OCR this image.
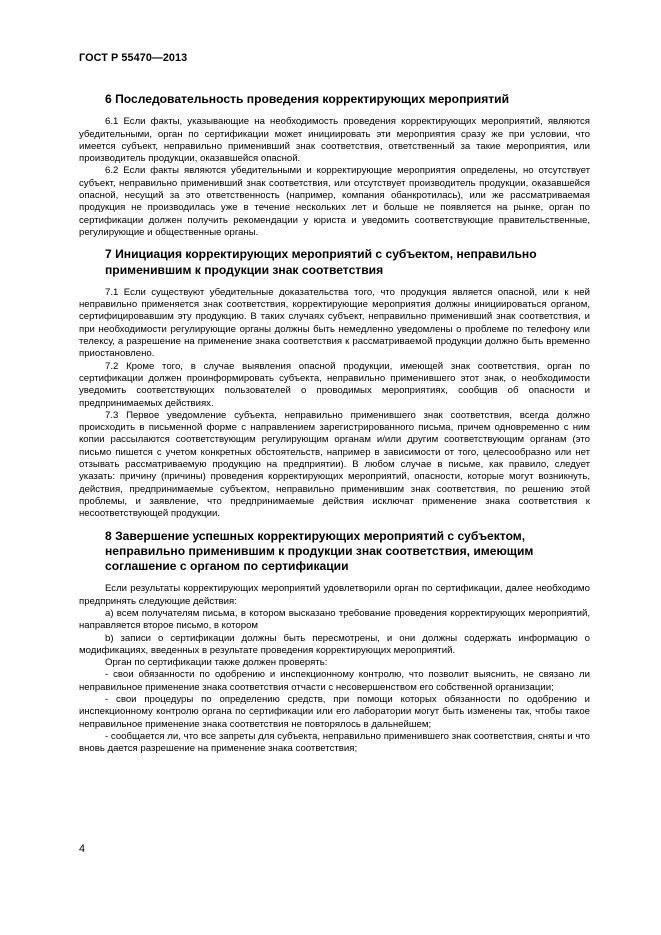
ГОСТ Р 55470—2013
6 Последовательность проведения корректирующих мероприятий

6.1 Если факты, указывающие на необходимость проведения корректирующих мероприятий, являются убедительными, орган по сертификации может инициировать эти мероприятия сразу же при условии, что имеется субъект, неправильно применивший знак соответствия, ответственный за такие мероприятия, или производитель продукции, оказавшейся опасной.

6.2 Если факты являются убедительными и корректирующие мероприятия определены, но отсутствует субъект, неправильно применивший знак соответствия, или отсутствует производитель продукции, оказавшейся опасной, несущий за это ответственность (например, компания обанкротилась), или же рассматриваемая продукция не производилась уже в течение нескольких лет и больше не появляется на рынке, орган по сертификации должен получить рекомендации у юриста и уведомить соответствующие правительственные, регулирующие и общественные органы.

7 Инициация корректирующих мероприятий с субъектом, неправильно применившим к продукции знак соответствия

7.1 Если существуют убедительные доказательства того, что продукция является опасной, или к ней неправильно применяется знак соответствия, корректирующие мероприятия должны инициироваться органом, сертифицировавшим эту продукцию. В таких случаях субъект, неправильно применивший знак соответствия, и при необходимости регулирующие органы должны быть немедленно уведомлены о проблеме по телефону или телексу, а разрешение на применение знака соответствия к рассматриваемой продукции должно быть временно приостановлено.

7.2 Кроме того, в случае выявления опасной продукции, имеющей знак соответствия, орган по сертификации должен проинформировать субъекта, неправильно применившего этот знак, о необходимости уведомить соответствующих пользователей о проводимых мероприятиях, сообщив об опасности и предпринимаемых действиях.

7.3 Первое уведомление субъекта, неправильно применившего знак соответствия, всегда должно происходить в письменной форме с направлением зарегистрированного письма, причем одновременно с ним копии рассылаются соответствующим регулирующим органам и/или другим соответствующим органам (это письмо пишется с учетом конкретных обстоятельств, например в зависимости от того, целесообразно или нет отзывать рассматриваемую продукцию на предприятии). В любом случае в письме, как правило, следует указать: причину (причины) проведения корректирующих мероприятий, опасности, которые могут возникнуть, действия, предпринимаемые субъектом, неправильно применившим знак соответствия, по решению этой проблемы, и заявление, что предпринимаемые действия исключат применение знака соответствия к несоответствующей продукции.

8 Завершение успешных корректирующих мероприятий с субъектом, неправильно применившим к продукции знак соответствия, имеющим соглашение с органом по сертификации

Если результаты корректирующих мероприятий удовлетворили орган по сертификации, далее необходимо предпринять следующие действия:

a) всем получателям письма, в котором высказано требование проведения корректирующих мероприятий, направляется второе письмо, в котором

b) записи о сертификации должны быть пересмотрены, и они должны содержать информацию о модификациях, введенных в результате проведения корректирующих мероприятий.

Орган по сертификации также должен проверять:

- свои обязанности по одобрению и инспекционному контролю, что позволит выяснить, не связано ли неправильное применение знака соответствия отчасти с несовершенством его собственной организации;

- свои процедуры по определению средств, при помощи которых обязанности по одобрению и инспекционному контролю органа по сертификации или его лаборатории могут быть изменены так, чтобы такое неправильное применение знака соответствия не повторялось в дальнейшем;

- сообщается ли, что все запреты для субъекта, неправильно применившего знак соответствия, сняты и что вновь дается разрешение на применение знака соответствия;

4
